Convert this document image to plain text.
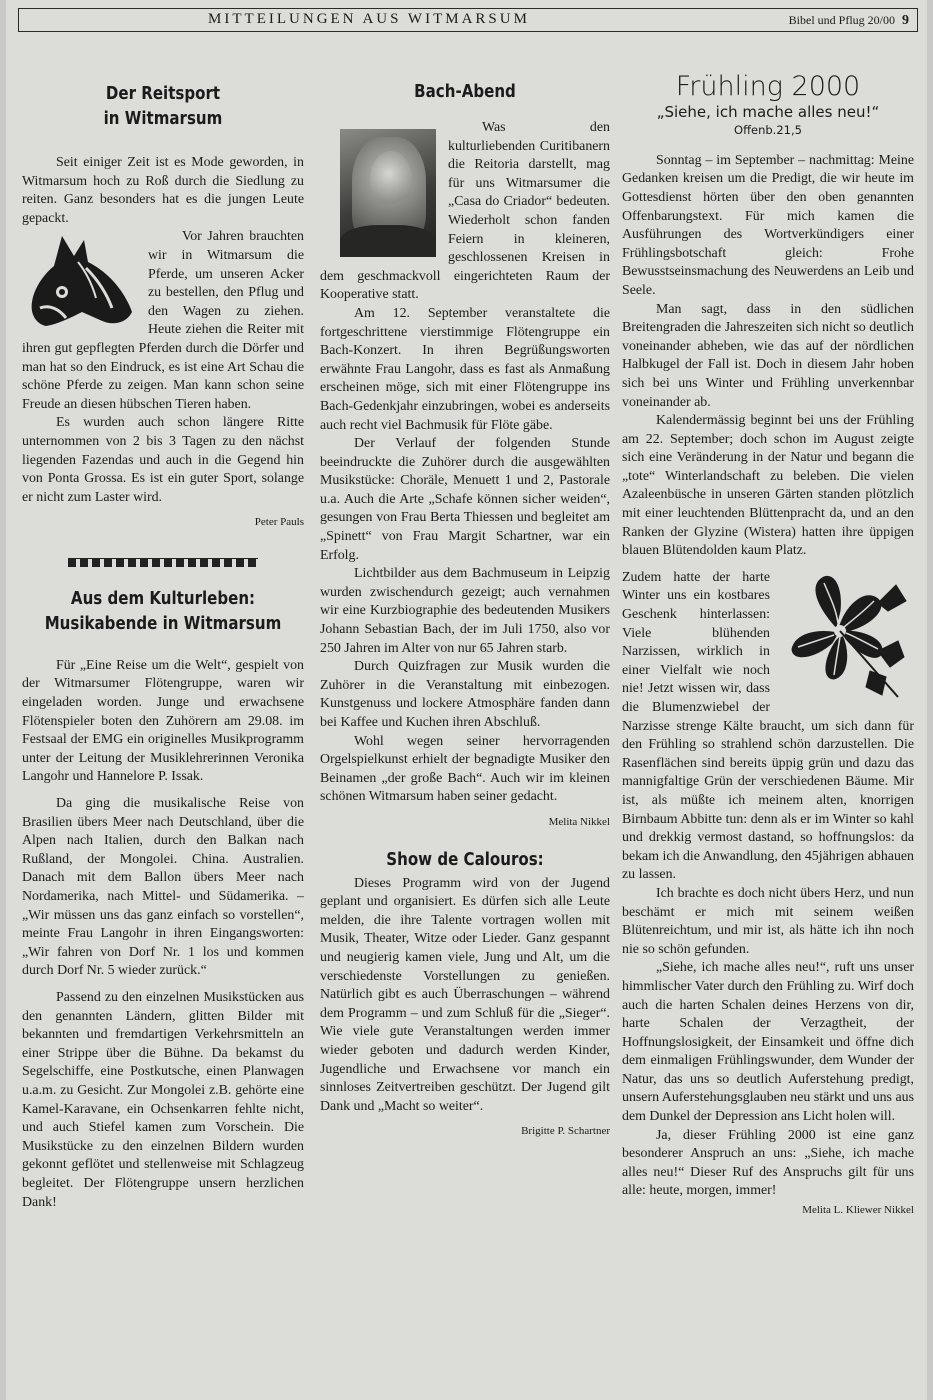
MITTEILUNGEN AUS WITMARSUM	Bibel und Pflug 20/00 9
Der Reitsport
in Witmarsum

Seit einiger Zeit ist es Mode geworden, in Witmarsum hoch zu Roß durch die Siedlung zu reiten. Ganz besonders hat es die jungen Leute gepackt.

Vor Jahren brauchten wir in Witmarsum die Pferde, um unseren Acker zu bestellen, den Pflug und den Wagen zu ziehen. Heute ziehen die Reiter mit ihren gut gepflegten Pferden durch die Dörfer und man hat so den Eindruck, es ist eine Art Schau die schöne Pferde zu zeigen. Man kann schon seine Freude an diesen hübschen Tieren haben.

Es wurden auch schon längere Ritte unternommen von 2 bis 3 Tagen zu den nächst liegenden Fazendas und auch in die Gegend hin von Ponta Grossa. Es ist ein guter Sport, solange er nicht zum Laster wird.

Peter Pauls
Aus dem Kulturleben:
Musikabende in Witmarsum

Für „Eine Reise um die Welt“, gespielt von der Witmarsumer Flötengruppe, waren wir eingeladen worden. Junge und erwachsene Flötenspieler boten den Zuhörern am 29.08. im Festsaal der EMG ein originelles Musikprogramm unter der Leitung der Musiklehrerinnen Veronika Langohr und Hannelore P. Issak.

Da ging die musikalische Reise von Brasilien übers Meer nach Deutschland, über die Alpen nach Italien, durch den Balkan nach Rußland, der Mongolei. China. Australien. Danach mit dem Ballon übers Meer nach Nordamerika, nach Mittel- und Südamerika. – „Wir müssen uns das ganz einfach so vorstellen“, meinte Frau Langohr in ihren Eingangsworten: „Wir fahren von Dorf Nr. 1 los und kommen durch Dorf Nr. 5 wieder zurück.“

Passend zu den einzelnen Musikstücken aus den genannten Ländern, glitten Bilder mit bekannten und fremdartigen Verkehrsmitteln an einer Strippe über die Bühne. Da bekamst du Segelschiffe, eine Postkutsche, einen Planwagen u.a.m. zu Gesicht. Zur Mongolei z.B. gehörte eine Kamel-Karavane, ein Ochsenkarren fehlte nicht, und auch Stiefel kamen zum Vorschein. Die Musikstücke zu den einzelnen Bildern wurden gekonnt geflötet und stellenweise mit Schlagzeug begleitet. Der Flötengruppe unsern herzlichen Dank!

Bach-Abend

Was den kulturliebenden Curitibanern die Reitoria darstellt, mag für uns Witmarsumer die „Casa do Criador“ bedeuten. Wiederholt schon fanden Feiern in kleineren, geschlossenen Kreisen in dem geschmackvoll eingerichteten Raum der Kooperative statt.

Am 12. September veranstaltete die fortgeschrittene vierstimmige Flötengruppe ein Bach-Konzert. In ihren Begrüßungsworten erwähnte Frau Langohr, dass es fast als Anmaßung erscheinen möge, sich mit einer Flötengruppe ins Bach-Gedenkjahr einzubringen, wobei es anderseits auch recht viel Bachmusik für Flöte gäbe.

Der Verlauf der folgenden Stunde beeindruckte die Zuhörer durch die ausgewählten Musikstücke: Choräle, Menuett 1 und 2, Pastorale u.a. Auch die Arte „Schafe können sicher weiden“, gesungen von Frau Berta Thiessen und begleitet am „Spinett“ von Frau Margit Schartner, war ein Erfolg.

Lichtbilder aus dem Bachmuseum in Leipzig wurden zwischendurch gezeigt; auch vernahmen wir eine Kurzbiographie des bedeutenden Musikers Johann Sebastian Bach, der im Juli 1750, also vor 250 Jahren im Alter von nur 65 Jahren starb.

Durch Quizfragen zur Musik wurden die Zuhörer in die Veranstaltung mit einbezogen. Kunstgenuss und lockere Atmosphäre fanden dann bei Kaffee und Kuchen ihren Abschluß.

Wohl wegen seiner hervorragenden Orgelspielkunst erhielt der begnadigte Musiker den Beinamen „der große Bach“. Auch wir im kleinen schönen Witmarsum haben seiner gedacht.

Melita Nikkel
Show de Calouros:

Dieses Programm wird von der Jugend geplant und organisiert. Es dürfen sich alle Leute melden, die ihre Talente vortragen wollen mit Musik, Theater, Witze oder Lieder. Ganz gespannt und neugierig kamen viele, Jung und Alt, um die verschiedenste Vorstellungen zu genießen. Natürlich gibt es auch Überraschungen – während dem Programm – und zum Schluß für die „Sieger“. Wie viele gute Veranstaltungen werden immer wieder geboten und dadurch werden Kinder, Jugendliche und Erwachsene vor manch ein sinnloses Zeitvertreiben geschützt. Der Jugend gilt Dank und „Macht so weiter“.

Brigitte P. Schartner
Frühling 2000
„Siehe, ich mache alles neu!“
Offenb.21,5

Sonntag – im September – nachmittag: Meine Gedanken kreisen um die Predigt, die wir heute im Gottesdienst hörten über den oben genannten Offenbarungstext. Für mich kamen die Ausführungen des Wortverkündigers einer Frühlingsbotschaft gleich: Frohe Bewusstseinsmachung des Neuwerdens an Leib und Seele.

Man sagt, dass in den südlichen Breitengraden die Jahreszeiten sich nicht so deutlich voneinander abheben, wie das auf der nördlichen Halbkugel der Fall ist. Doch in diesem Jahr hoben sich bei uns Winter und Frühling unverkennbar voneinander ab.

Kalendermässig beginnt bei uns der Frühling am 22. September; doch schon im August zeigte sich eine Veränderung in der Natur und begann die „tote“ Winterlandschaft zu beleben. Die vielen Azaleenbüsche in unseren Gärten standen plötzlich mit einer leuchtenden Blüttenpracht da, und an den Ranken der Glyzine (Wistera) hatten ihre üppigen blauen Blütendolden kaum Platz.

Zudem hatte der harte Winter uns ein kostbares Geschenk hinterlassen: Viele blühenden Narzissen, wirklich in einer Vielfalt wie noch nie! Jetzt wissen wir, dass die Blumenzwiebel der Narzisse strenge Kälte braucht, um sich dann für den Frühling so strahlend schön darzustellen. Die Rasenflächen sind bereits üppig grün und dazu das mannigfaltige Grün der verschiedenen Bäume. Mir ist, als müßte ich meinem alten, knorrigen Birnbaum Abbitte tun: denn als er im Winter so kahl und drekkig vermost dastand, so hoffnungslos: da bekam ich die Anwandlung, den 45jährigen abhauen zu lassen.

Ich brachte es doch nicht übers Herz, und nun beschämt er mich mit seinem weißen Blütenreichtum, und mir ist, als hätte ich ihn noch nie so schön gefunden.

„Siehe, ich mache alles neu!“, ruft uns unser himmlischer Vater durch den Frühling zu. Wirf doch auch die harten Schalen deines Herzens von dir, harte Schalen der Verzagtheit, der Hoffnungslosigkeit, der Einsamkeit und öffne dich dem einmaligen Frühlingswunder, dem Wunder der Natur, das uns so deutlich Auferstehung predigt, unsern Auferstehungsglauben neu stärkt und uns aus dem Dunkel der Depression ans Licht holen will.

Ja, dieser Frühling 2000 ist eine ganz besonderer Anspruch an uns: „Siehe, ich mache alles neu!“ Dieser Ruf des Anspruchs gilt für uns alle: heute, morgen, immer!

Melita L. Kliewer Nikkel
